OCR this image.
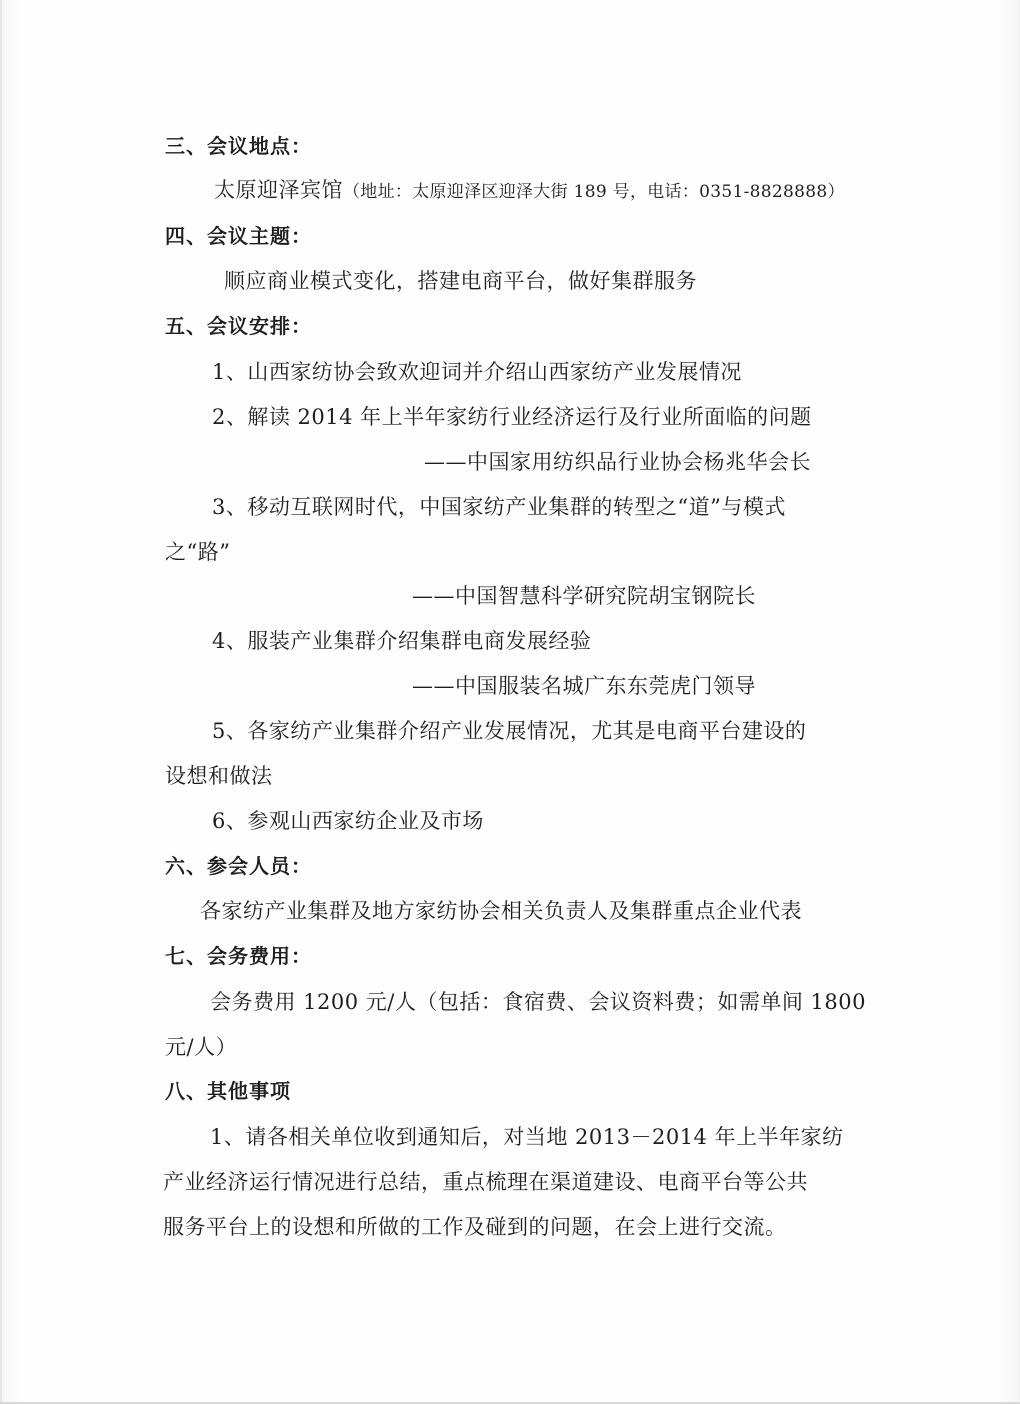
三、会议地点：
太原迎泽宾馆（地址：太原迎泽区迎泽大街 189 号，电话：0351-8828888）
四、会议主题：
顺应商业模式变化，搭建电商平台，做好集群服务
五、会议安排：
1、山西家纺协会致欢迎词并介绍山西家纺产业发展情况
2、解读 2014 年上半年家纺行业经济运行及行业所面临的问题
——中国家用纺织品行业协会杨兆华会长
3、移动互联网时代，中国家纺产业集群的转型之“道”与模式
之“路”
——中国智慧科学研究院胡宝钢院长
4、服装产业集群介绍集群电商发展经验
——中国服装名城广东东莞虎门领导
5、各家纺产业集群介绍产业发展情况，尤其是电商平台建设的
设想和做法
6、参观山西家纺企业及市场
六、参会人员：
各家纺产业集群及地方家纺协会相关负责人及集群重点企业代表
七、会务费用：
会务费用 1200 元/人（包括：食宿费、会议资料费；如需单间 1800
元/人）
八、其他事项
1、请各相关单位收到通知后，对当地 2013－2014 年上半年家纺
产业经济运行情况进行总结，重点梳理在渠道建设、电商平台等公共
服务平台上的设想和所做的工作及碰到的问题，在会上进行交流。
